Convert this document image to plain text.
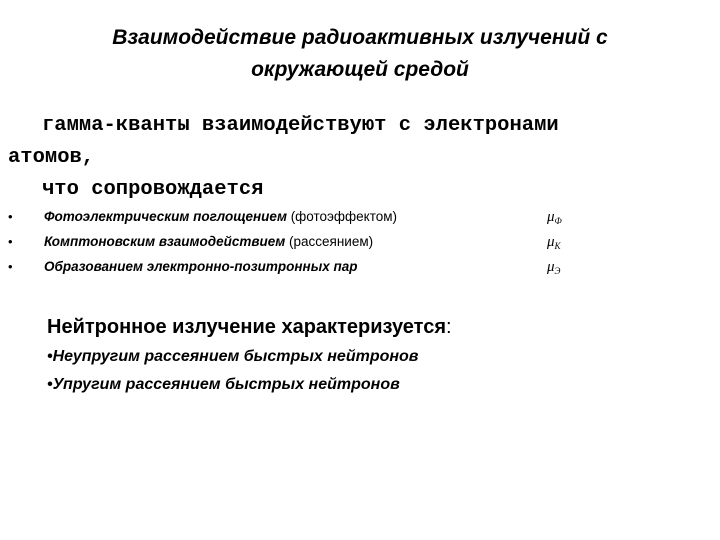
Взаимодействие радиоактивных излучений с
окружающей средой
гамма-кванты взаимодействуют с электронами
атомов,
что сопровождается
• Фотоэлектрическим поглощением (фотоэффектом)	$\mu_Ф$
• Комптоновским взаимодействием (рассеянием)	$\mu_К$
• Образованием электронно-позитронных пар	$\mu_Э$
Нейтронное излучение характеризуется:
•Неупругим рассеянием быстрых нейтронов
•Упругим рассеянием быстрых нейтронов
